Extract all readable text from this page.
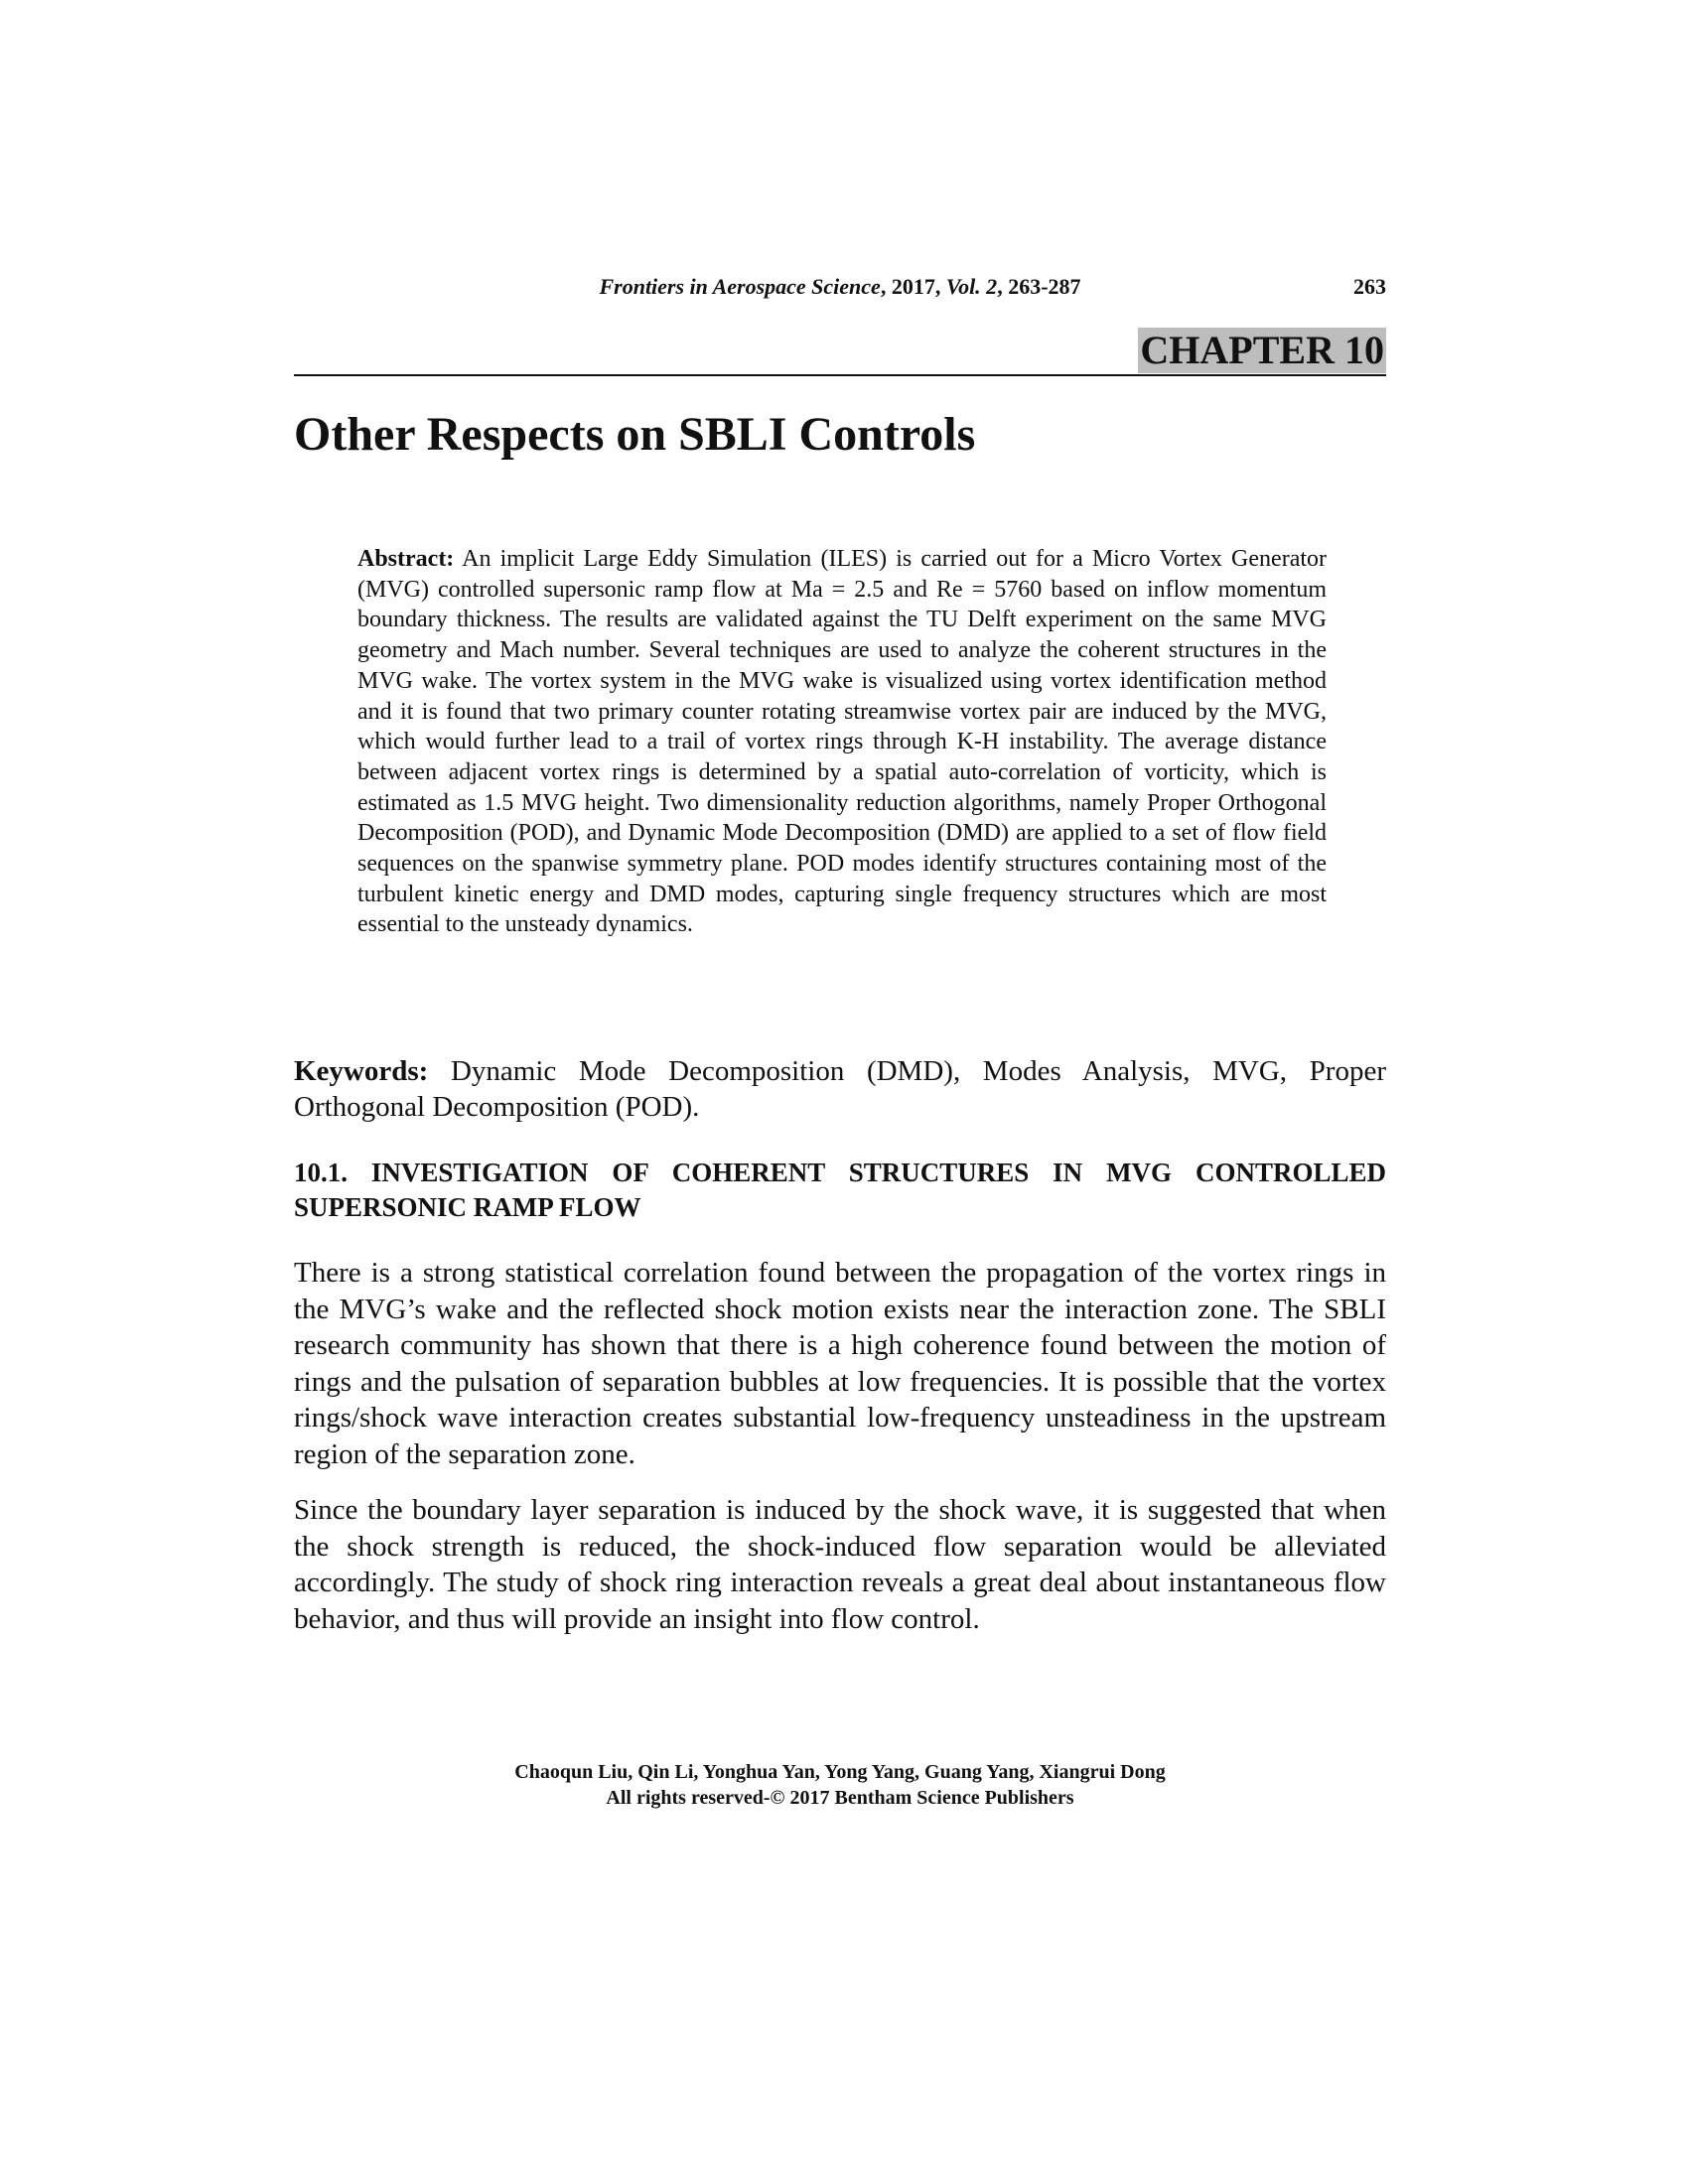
Frontiers in Aerospace Science, 2017, Vol. 2, 263-287	263
CHAPTER 10
Other Respects on SBLI Controls

Abstract: An implicit Large Eddy Simulation (ILES) is carried out for a Micro Vortex Generator (MVG) controlled supersonic ramp flow at Ma = 2.5 and Re = 5760 based on inflow momentum boundary thickness. The results are validated against the TU Delft experiment on the same MVG geometry and Mach number. Several techniques are used to analyze the coherent structures in the MVG wake. The vortex system in the MVG wake is visualized using vortex identification method and it is found that two primary counter rotating streamwise vortex pair are induced by the MVG, which would further lead to a trail of vortex rings through K-H instability. The average distance between adjacent vortex rings is determined by a spatial auto-correlation of vorticity, which is estimated as 1.5 MVG height. Two dimensionality reduction algorithms, namely Proper Orthogonal Decomposition (POD), and Dynamic Mode Decomposition (DMD) are applied to a set of flow field sequences on the spanwise symmetry plane. POD modes identify structures containing most of the turbulent kinetic energy and DMD modes, capturing single frequency structures which are most essential to the unsteady dynamics.

Keywords: Dynamic Mode Decomposition (DMD), Modes Analysis, MVG, Proper Orthogonal Decomposition (POD).

10.1. INVESTIGATION OF COHERENT STRUCTURES IN MVG CONTROLLED SUPERSONIC RAMP FLOW

There is a strong statistical correlation found between the propagation of the vortex rings in the MVG’s wake and the reflected shock motion exists near the interaction zone. The SBLI research community has shown that there is a high coherence found between the motion of rings and the pulsation of separation bubbles at low frequencies. It is possible that the vortex rings/shock wave interaction creates substantial low-frequency unsteadiness in the upstream region of the separation zone.

Since the boundary layer separation is induced by the shock wave, it is suggested that when the shock strength is reduced, the shock-induced flow separation would be alleviated accordingly. The study of shock ring interaction reveals a great deal about instantaneous flow behavior, and thus will provide an insight into flow control.

Chaoqun Liu, Qin Li, Yonghua Yan, Yong Yang, Guang Yang, Xiangrui Dong
All rights reserved-© 2017 Bentham Science Publishers
